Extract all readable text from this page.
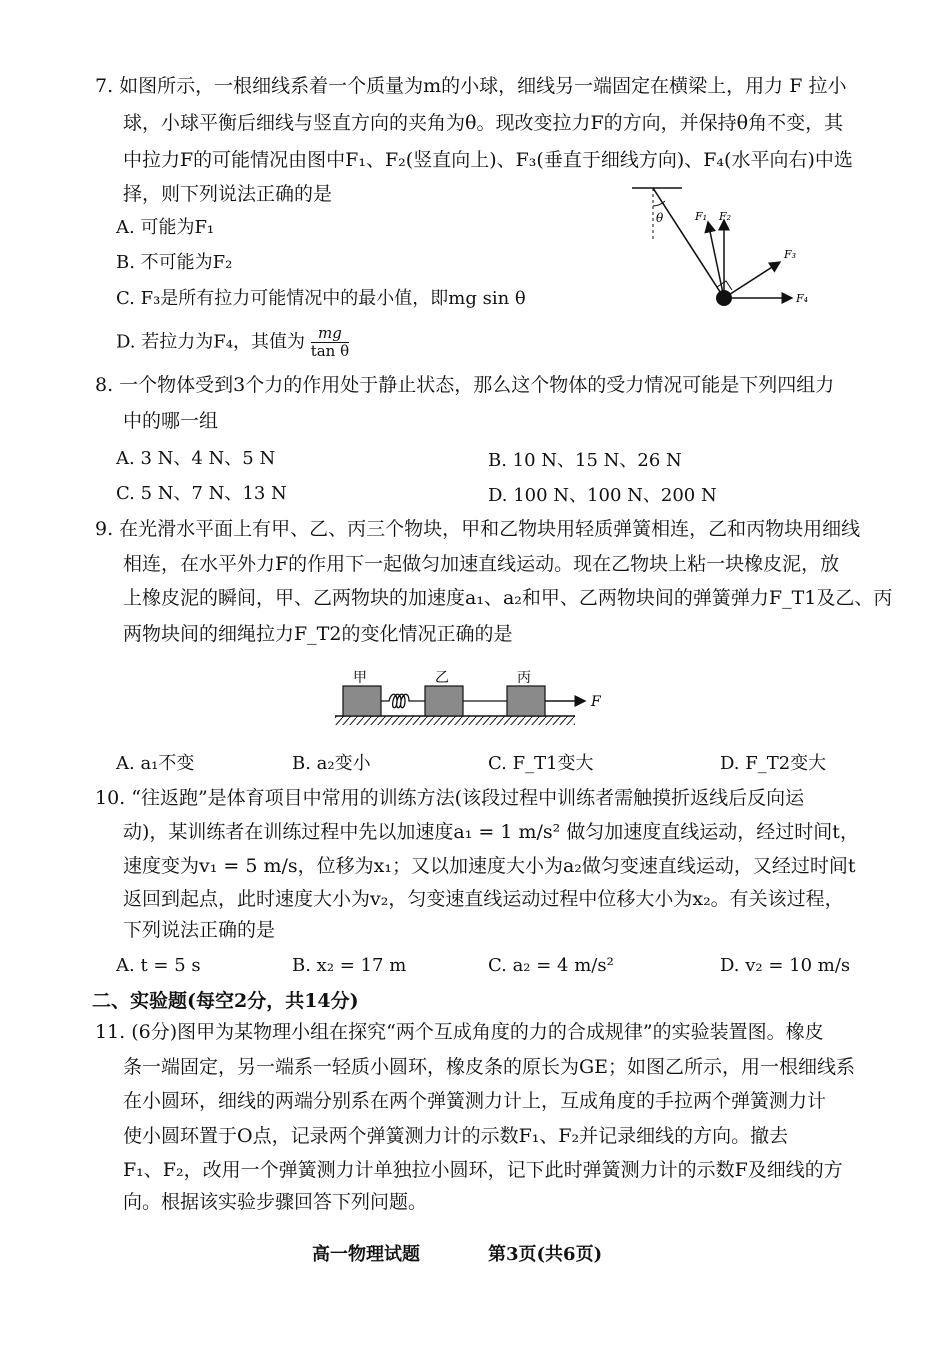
7. 如图所示，一根细线系着一个质量为m的小球，细线另一端固定在横梁上，用力 F 拉小
球，小球平衡后细线与竖直方向的夹角为θ。现改变拉力F的方向，并保持θ角不变，其
中拉力F的可能情况由图中F₁、F₂(竖直向上)、F₃(垂直于细线方向)、F₄(水平向右)中选
择，则下列说法正确的是
A. 可能为F₁
B. 不可能为F₂
C. F₃是所有拉力可能情况中的最小值，即mg sin θ
D. 若拉力为F₄，其值为 $\frac{mg}{\text{tan θ}}$
θ	F₁ F₂
F₃
F₄
8. 一个物体受到3个力的作用处于静止状态，那么这个物体的受力情况可能是下列四组力
中的哪一组
A. 3 N、4 N、5 N	B. 10 N、15 N、26 N
C. 5 N、7 N、13 N	D. 100 N、100 N、200 N
9. 在光滑水平面上有甲、乙、丙三个物块，甲和乙物块用轻质弹簧相连，乙和丙物块用细线
相连，在水平外力F的作用下一起做匀加速直线运动。现在乙物块上粘一块橡皮泥，放
上橡皮泥的瞬间，甲、乙两物块的加速度a₁、a₂和甲、乙两物块间的弹簧弹力F_T1及乙、丙
两物块间的细绳拉力F_T2的变化情况正确的是
甲	乙	丙
F
A. a₁不变	B. a₂变小	C. F_T1变大	D. F_T2变大
10. “往返跑”是体育项目中常用的训练方法(该段过程中训练者需触摸折返线后反向运
动)，某训练者在训练过程中先以加速度a₁ = 1 m/s² 做匀加速度直线运动，经过时间t，
速度变为v₁ = 5 m/s，位移为x₁；又以加速度大小为a₂做匀变速直线运动，又经过时间t
返回到起点，此时速度大小为v₂，匀变速直线运动过程中位移大小为x₂。有关该过程，
下列说法正确的是
A. t = 5 s	B. x₂ = 17 m	C. a₂ = 4 m/s²	D. v₂ = 10 m/s
二、实验题(每空2分，共14分)
11. (6分)图甲为某物理小组在探究“两个互成角度的力的合成规律”的实验装置图。橡皮
条一端固定，另一端系一轻质小圆环，橡皮条的原长为GE；如图乙所示，用一根细线系
在小圆环，细线的两端分别系在两个弹簧测力计上，互成角度的手拉两个弹簧测力计
使小圆环置于O点，记录两个弹簧测力计的示数F₁、F₂并记录细线的方向。撤去
F₁、F₂，改用一个弹簧测力计单独拉小圆环，记下此时弹簧测力计的示数F及细线的方
向。根据该实验步骤回答下列问题。
高一物理试题	第3页(共6页)
